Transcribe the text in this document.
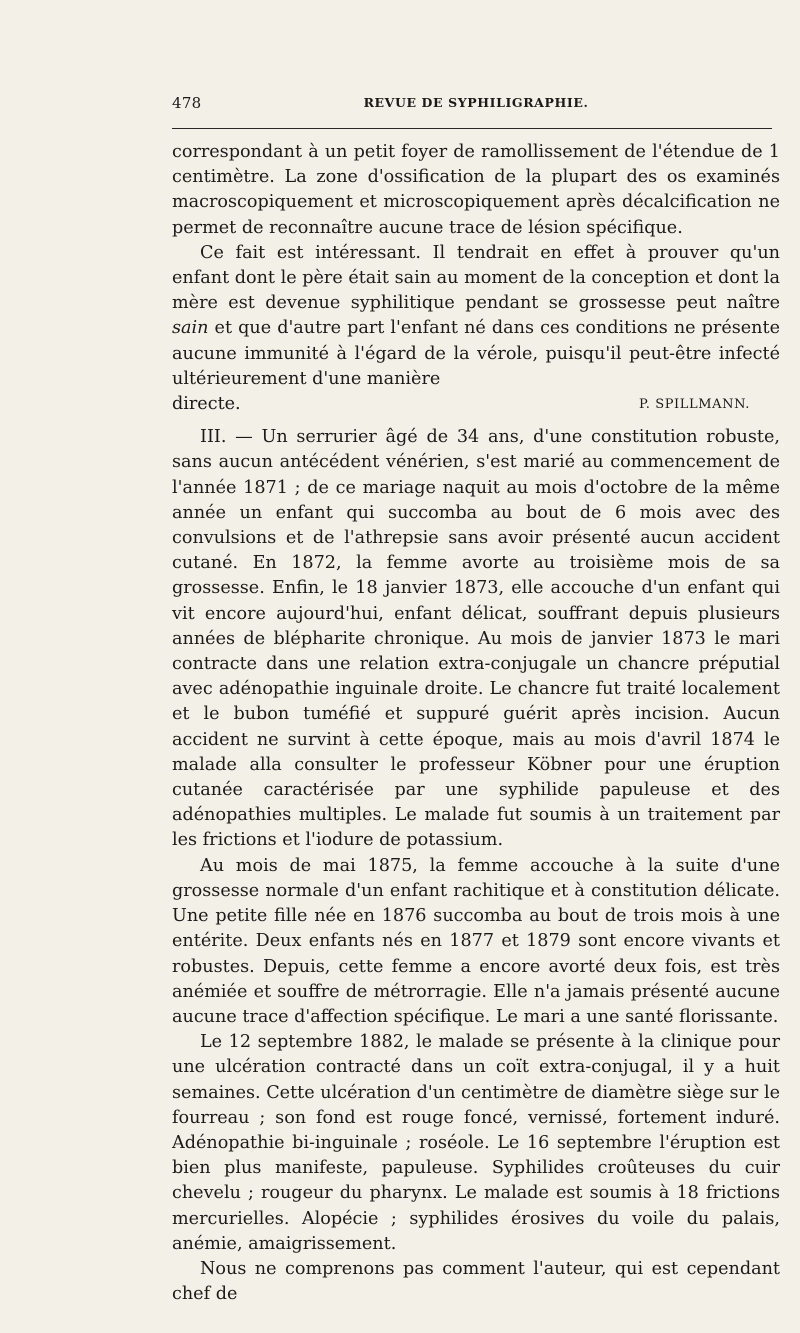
478	REVUE DE SYPHILIGRAPHIE.

correspondant à un petit foyer de ramollissement de l'étendue de 1 centimètre. La zone d'ossification de la plupart des os examinés macroscopiquement et microscopiquement après décalcification ne permet de reconnaître aucune trace de lésion spécifique.

Ce fait est intéressant. Il tendrait en effet à prouver qu'un enfant dont le père était sain au moment de la conception et dont la mère est devenue syphilitique pendant se grossesse peut naître sain et que d'autre part l'enfant né dans ces conditions ne présente aucune immunité à l'égard de la vérole, puisqu'il peut-être infecté ultérieurement d'une manière

directe.	P. SPILLMANN.

III. — Un serrurier âgé de 34 ans, d'une constitution robuste, sans aucun antécédent vénérien, s'est marié au commencement de l'année 1871 ; de ce mariage naquit au mois d'octobre de la même année un enfant qui succomba au bout de 6 mois avec des convulsions et de l'athrepsie sans avoir présenté aucun accident cutané. En 1872, la femme avorte au troisième mois de sa grossesse. Enfin, le 18 janvier 1873, elle accouche d'un enfant qui vit encore aujourd'hui, enfant délicat, souffrant depuis plusieurs années de blépharite chronique. Au mois de janvier 1873 le mari contracte dans une relation extra-conjugale un chancre préputial avec adénopathie inguinale droite. Le chancre fut traité localement et le bubon tuméfié et suppuré guérit après incision. Aucun accident ne survint à cette époque, mais au mois d'avril 1874 le malade alla consulter le professeur Köbner pour une éruption cutanée caractérisée par une syphilide papuleuse et des adénopathies multiples. Le malade fut soumis à un traitement par les frictions et l'iodure de potassium.

Au mois de mai 1875, la femme accouche à la suite d'une grossesse normale d'un enfant rachitique et à constitution délicate. Une petite fille née en 1876 succomba au bout de trois mois à une entérite. Deux enfants nés en 1877 et 1879 sont encore vivants et robustes. Depuis, cette femme a encore avorté deux fois, est très anémiée et souffre de métrorragie. Elle n'a jamais présenté aucune aucune trace d'affection spécifique. Le mari a une santé florissante.

Le 12 septembre 1882, le malade se présente à la clinique pour une ulcération contracté dans un coït extra-conjugal, il y a huit semaines. Cette ulcération d'un centimètre de diamètre siège sur le fourreau ; son fond est rouge foncé, vernissé, fortement induré. Adénopathie bi-inguinale ; roséole. Le 16 septembre l'éruption est bien plus manifeste, papuleuse. Syphilides croûteuses du cuir chevelu ; rougeur du pharynx. Le malade est soumis à 18 frictions mercurielles. Alopécie ; syphilides érosives du voile du palais, anémie, amaigrissement.

Nous ne comprenons pas comment l'auteur, qui est cependant chef de
